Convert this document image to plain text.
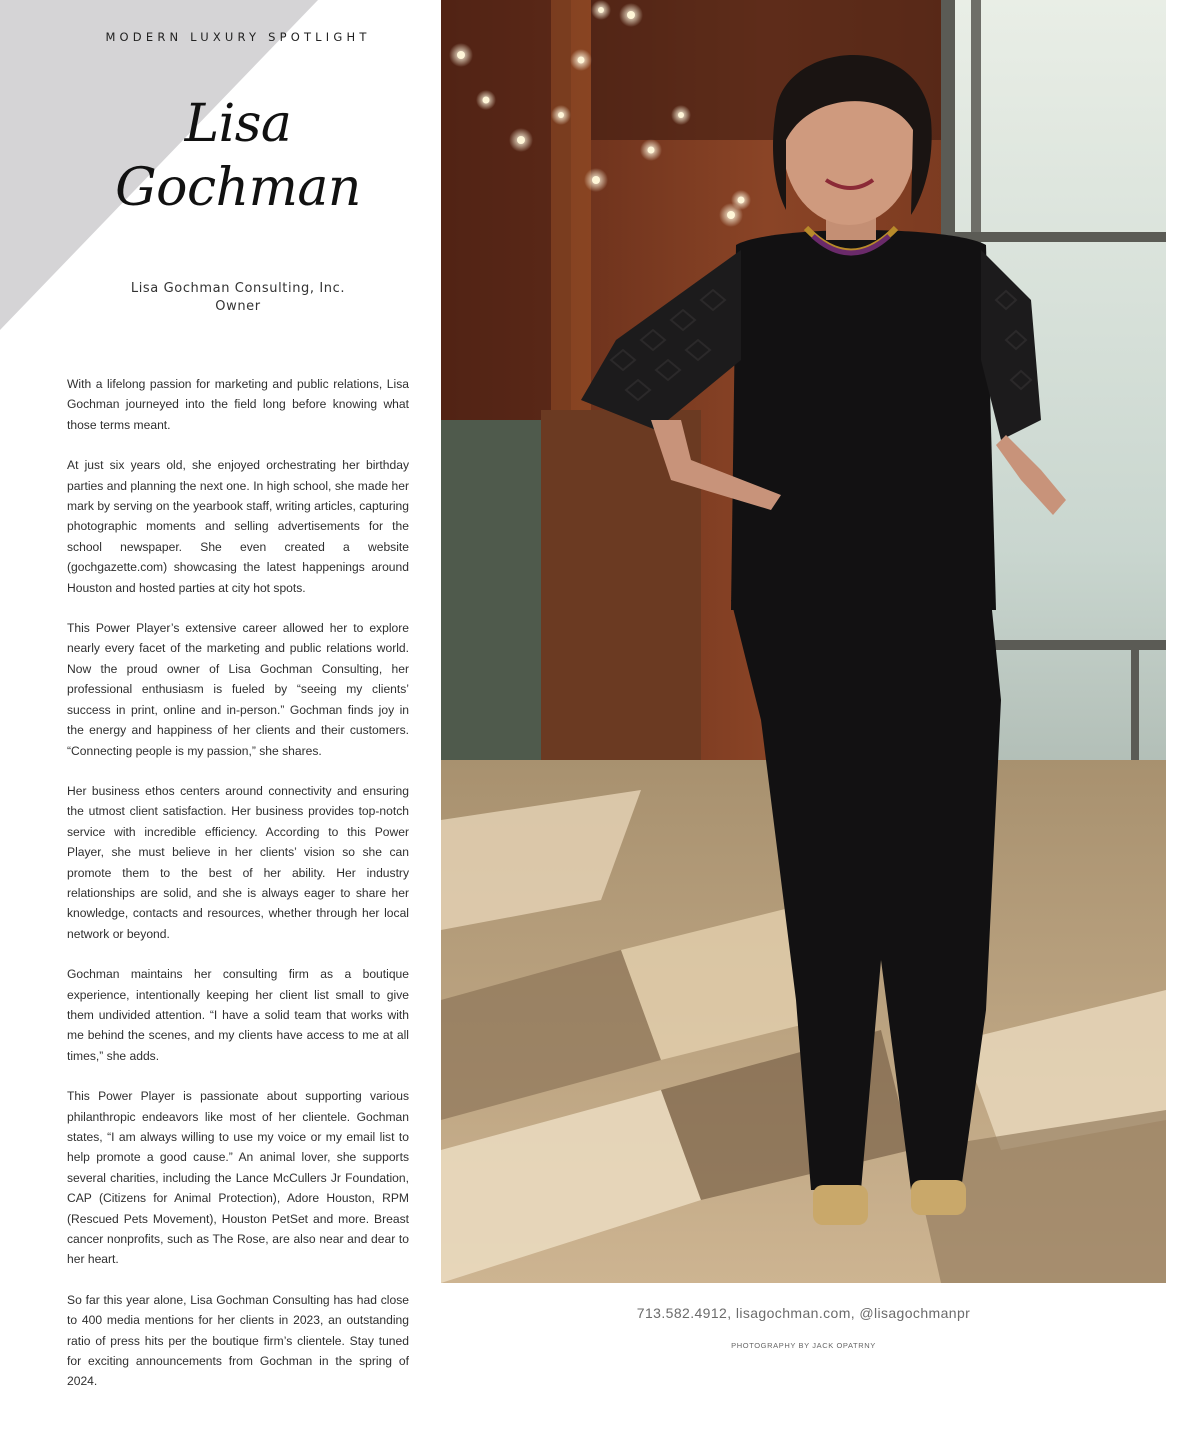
MODERN LUXURY SPOTLIGHT
Lisa
Gochman
Lisa Gochman Consulting, Inc.
Owner

With a lifelong passion for marketing and public relations, Lisa Gochman journeyed into the field long before knowing what those terms meant.

At just six years old, she enjoyed orchestrating her birthday parties and planning the next one. In high school, she made her mark by serving on the yearbook staff, writing articles, capturing photographic moments and selling advertisements for the school newspaper. She even created a website (gochgazette.com) showcasing the latest happenings around Houston and hosted parties at city hot spots.

This Power Player’s extensive career allowed her to explore nearly every facet of the marketing and public relations world. Now the proud owner of Lisa Gochman Consulting, her professional enthusiasm is fueled by “seeing my clients’ success in print, online and in-person.” Gochman finds joy in the energy and happiness of her clients and their customers. “Connecting people is my passion,” she shares.

Her business ethos centers around connectivity and ensuring the utmost client satisfaction. Her business provides top-notch service with incredible efficiency. According to this Power Player, she must believe in her clients’ vision so she can promote them to the best of her ability. Her industry relationships are solid, and she is always eager to share her knowledge, contacts and resources, whether through her local network or beyond.

Gochman maintains her consulting firm as a boutique experience, intentionally keeping her client list small to give them undivided attention. “I have a solid team that works with me behind the scenes, and my clients have access to me at all times,” she adds.

This Power Player is passionate about supporting various philanthropic endeavors like most of her clientele. Gochman states, “I am always willing to use my voice or my email list to help promote a good cause.” An animal lover, she supports several charities, including the Lance McCullers Jr Foundation, CAP (Citizens for Animal Protection), Adore Houston, RPM (Rescued Pets Movement), Houston PetSet and more. Breast cancer nonprofits, such as The Rose, are also near and dear to her heart.

So far this year alone, Lisa Gochman Consulting has had close to 400 media mentions for her clients in 2023, an outstanding ratio of press hits per the boutique firm’s clientele. Stay tuned for exciting announcements from Gochman in the spring of 2024.

713.582.4912, lisagochman.com, @lisagochmanpr
PHOTOGRAPHY BY JACK OPATRNY
